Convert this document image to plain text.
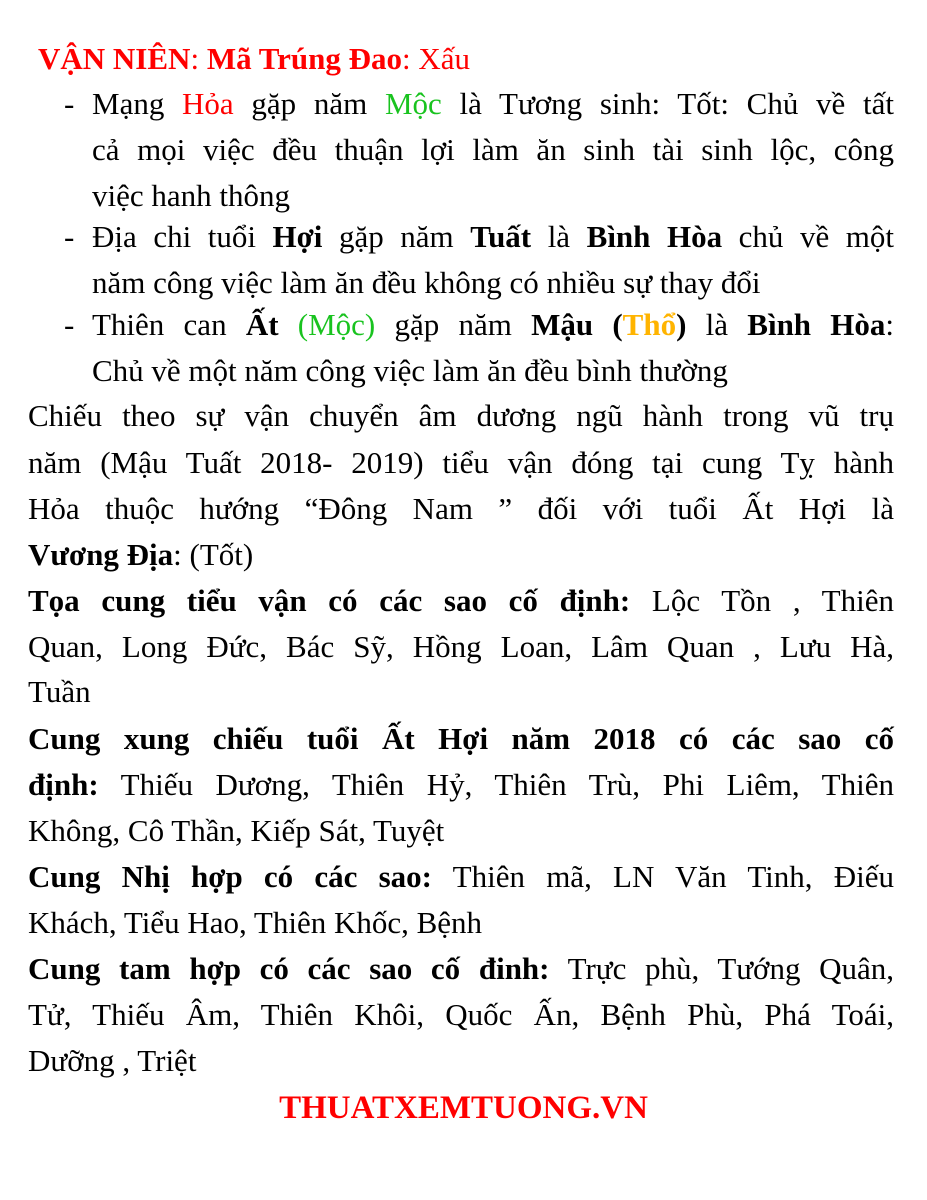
VẬN NIÊN: Mã Trúng Đao: Xấu
- Mạng Hỏa gặp năm Mộc là Tương sinh: Tốt: Chủ về tất
cả mọi việc đều thuận lợi làm ăn sinh tài sinh lộc, công
việc hanh thông
- Địa chi tuổi Hợi gặp năm Tuất là Bình Hòa chủ về một
năm công việc làm ăn đều không có nhiều sự thay đổi
- Thiên can Ất (Mộc) gặp năm Mậu (Thổ) là Bình Hòa:
Chủ về một năm công việc làm ăn đều bình thường
Chiếu theo sự vận chuyển âm dương ngũ hành trong vũ trụ
năm (Mậu Tuất 2018- 2019) tiểu vận đóng tại cung Tỵ hành
Hỏa thuộc hướng “Đông Nam ” đối với tuổi Ất Hợi là
Vương Địa: (Tốt)
Tọa cung tiểu vận có các sao cố định: Lộc Tồn , Thiên
Quan, Long Đức, Bác Sỹ, Hồng Loan, Lâm Quan , Lưu Hà,
Tuần
Cung xung chiếu tuổi Ất Hợi năm 2018 có các sao cố
định: Thiếu Dương, Thiên Hỷ, Thiên Trù, Phi Liêm, Thiên
Không, Cô Thần, Kiếp Sát, Tuyệt
Cung Nhị hợp có các sao: Thiên mã, LN Văn Tinh, Điếu
Khách, Tiểu Hao, Thiên Khốc, Bệnh
Cung tam hợp có các sao cố đinh: Trực phù, Tướng Quân,
Tử, Thiếu Âm, Thiên Khôi, Quốc Ấn, Bệnh Phù, Phá Toái,
Dưỡng , Triệt
THUATXEMTUONG.VN
